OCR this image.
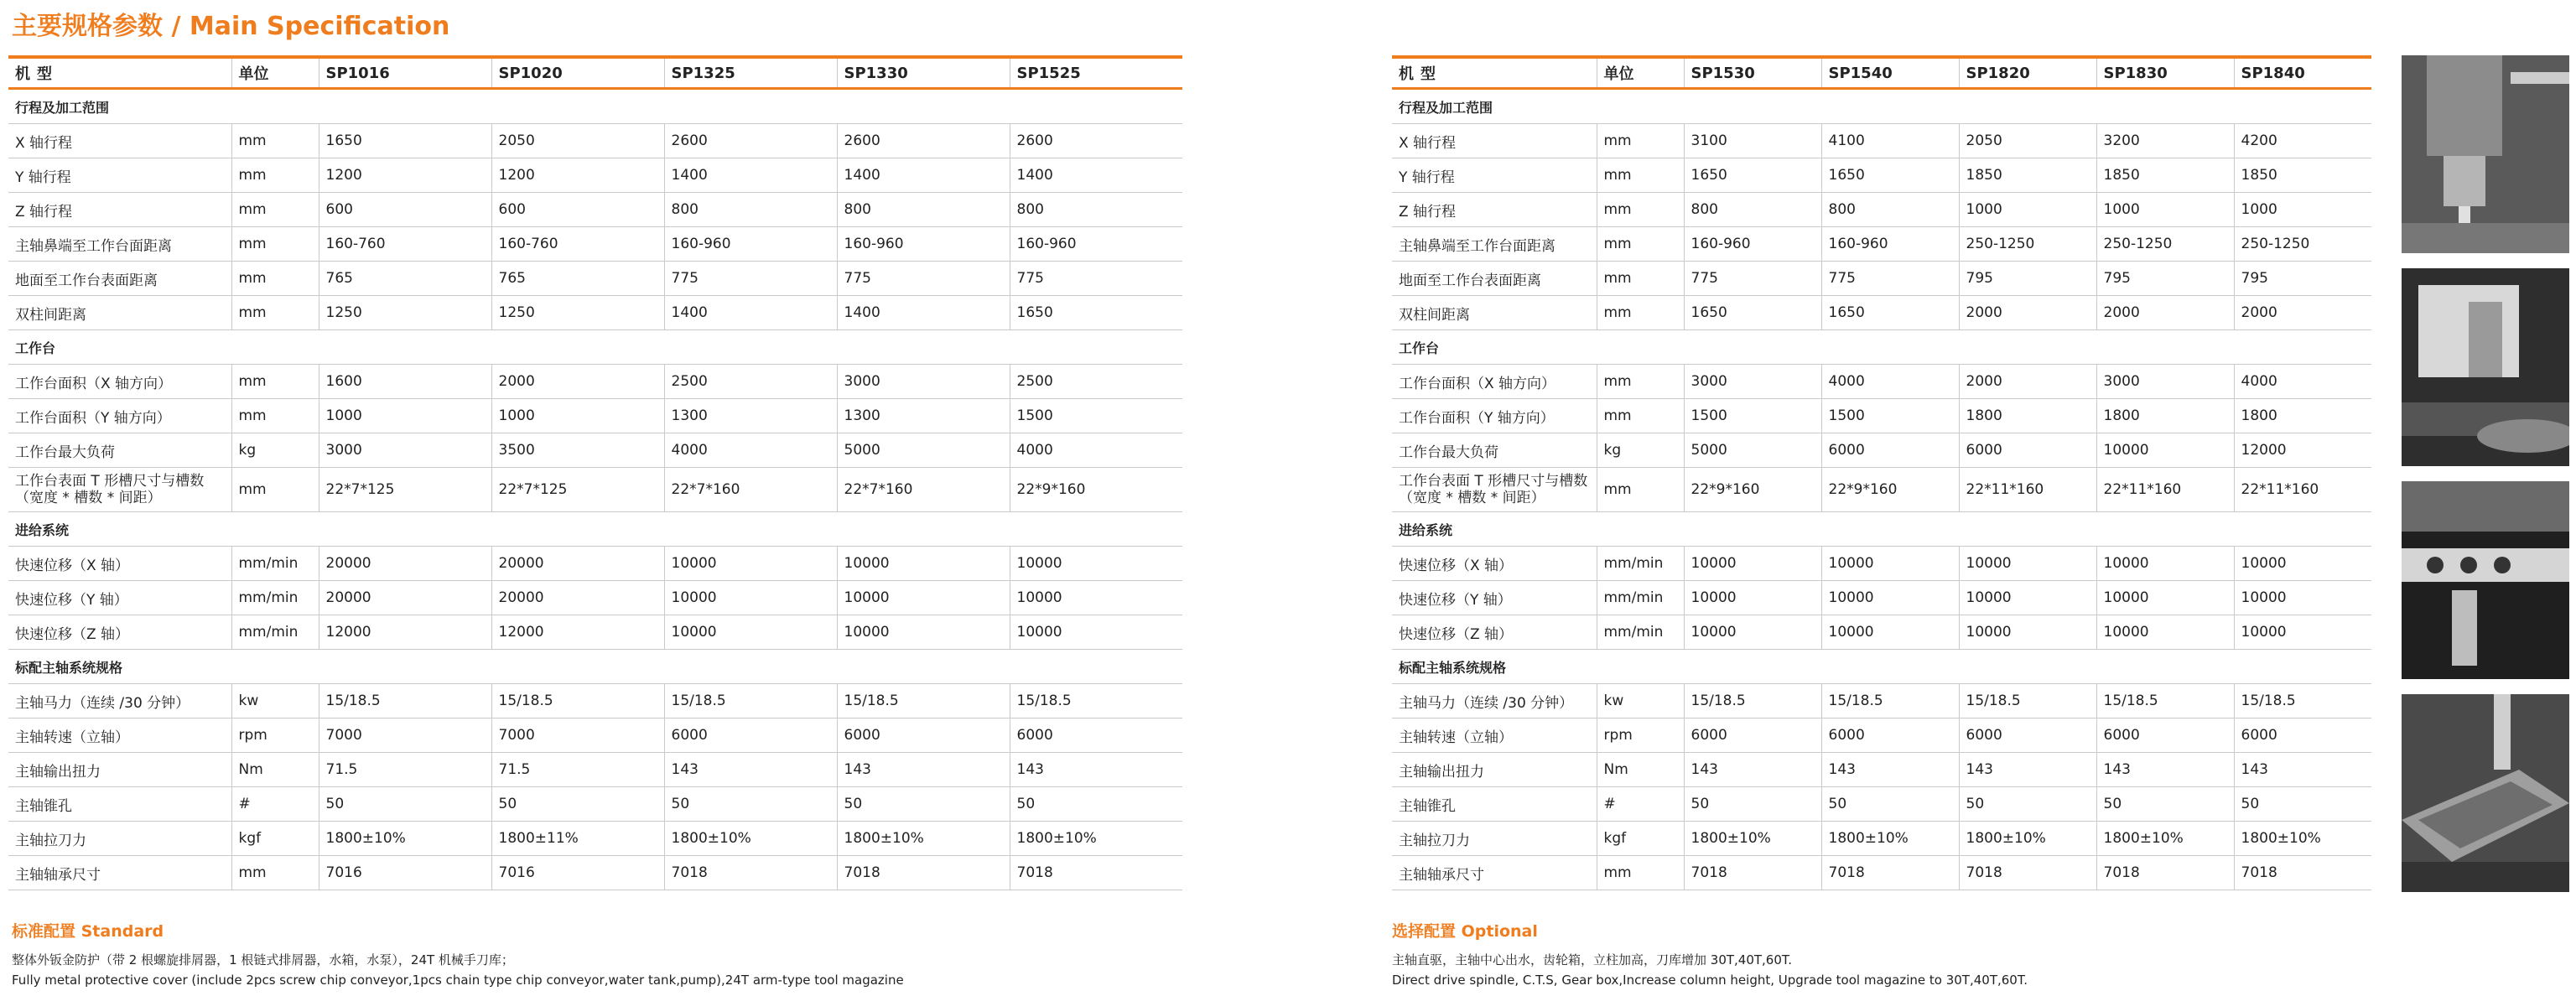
主要规格参数 / Main Specification
机型	单位	SP1016	SP1020	SP1325	SP1330	SP1525
行程及加工范围						
X 轴行程	mm	1650	2050	2600	2600	2600
Y 轴行程	mm	1200	1200	1400	1400	1400
Z 轴行程	mm	600	600	800	800	800
主轴鼻端至工作台面距离	mm	160-760	160-760	160-960	160-960	160-960
地面至工作台表面距离	mm	765	765	775	775	775
双柱间距离	mm	1250	1250	1400	1400	1650
工作台						
工作台面积（X 轴方向）	mm	1600	2000	2500	3000	2500
工作台面积（Y 轴方向）	mm	1000	1000	1300	1300	1500
工作台最大负荷	kg	3000	3500	4000	5000	4000
工作台表面 T 形槽尺寸与槽数（宽度 * 槽数 * 间距）	mm	22*7*125	22*7*125	22*7*160	22*7*160	22*9*160
进给系统						
快速位移（X 轴）	mm/min	20000	20000	10000	10000	10000
快速位移（Y 轴）	mm/min	20000	20000	10000	10000	10000
快速位移（Z 轴）	mm/min	12000	12000	10000	10000	10000
标配主轴系统规格						
主轴马力（连续 /30 分钟）	kw	15/18.5	15/18.5	15/18.5	15/18.5	15/18.5
主轴转速（立轴）	rpm	7000	7000	6000	6000	6000
主轴输出扭力	Nm	71.5	71.5	143	143	143
主轴锥孔	#	50	50	50	50	50
主轴拉刀力	kgf	1800±10%	1800±11%	1800±10%	1800±10%	1800±10%
主轴轴承尺寸	mm	7016	7016	7018	7018	7018
机型	单位	SP1530	SP1540	SP1820	SP1830	SP1840
行程及加工范围						
X 轴行程	mm	3100	4100	2050	3200	4200
Y 轴行程	mm	1650	1650	1850	1850	1850
Z 轴行程	mm	800	800	1000	1000	1000
主轴鼻端至工作台面距离	mm	160-960	160-960	250-1250	250-1250	250-1250
地面至工作台表面距离	mm	775	775	795	795	795
双柱间距离	mm	1650	1650	2000	2000	2000
工作台						
工作台面积（X 轴方向）	mm	3000	4000	2000	3000	4000
工作台面积（Y 轴方向）	mm	1500	1500	1800	1800	1800
工作台最大负荷	kg	5000	6000	6000	10000	12000
工作台表面 T 形槽尺寸与槽数（宽度 * 槽数 * 间距）	mm	22*9*160	22*9*160	22*11*160	22*11*160	22*11*160
进给系统						
快速位移（X 轴）	mm/min	10000	10000	10000	10000	10000
快速位移（Y 轴）	mm/min	10000	10000	10000	10000	10000
快速位移（Z 轴）	mm/min	10000	10000	10000	10000	10000
标配主轴系统规格						
主轴马力（连续 /30 分钟）	kw	15/18.5	15/18.5	15/18.5	15/18.5	15/18.5
主轴转速（立轴）	rpm	6000	6000	6000	6000	6000
主轴输出扭力	Nm	143	143	143	143	143
主轴锥孔	#	50	50	50	50	50
主轴拉刀力	kgf	1800±10%	1800±10%	1800±10%	1800±10%	1800±10%
主轴轴承尺寸	mm	7018	7018	7018	7018	7018
标准配置 Standard
整体外钣金防护（带 2 根螺旋排屑器，1 根链式排屑器，水箱，水泵），24T 机械手刀库；
Fully metal protective cover (include 2pcs screw chip conveyor,1pcs chain type chip conveyor,water tank,pump),24T arm-type tool magazine
选择配置 Optional
主轴直驱，主轴中心出水，齿轮箱，立柱加高，刀库增加 30T,40T,60T.
Direct drive spindle, C.T.S, Gear box,Increase column height, Upgrade tool magazine to 30T,40T,60T.
